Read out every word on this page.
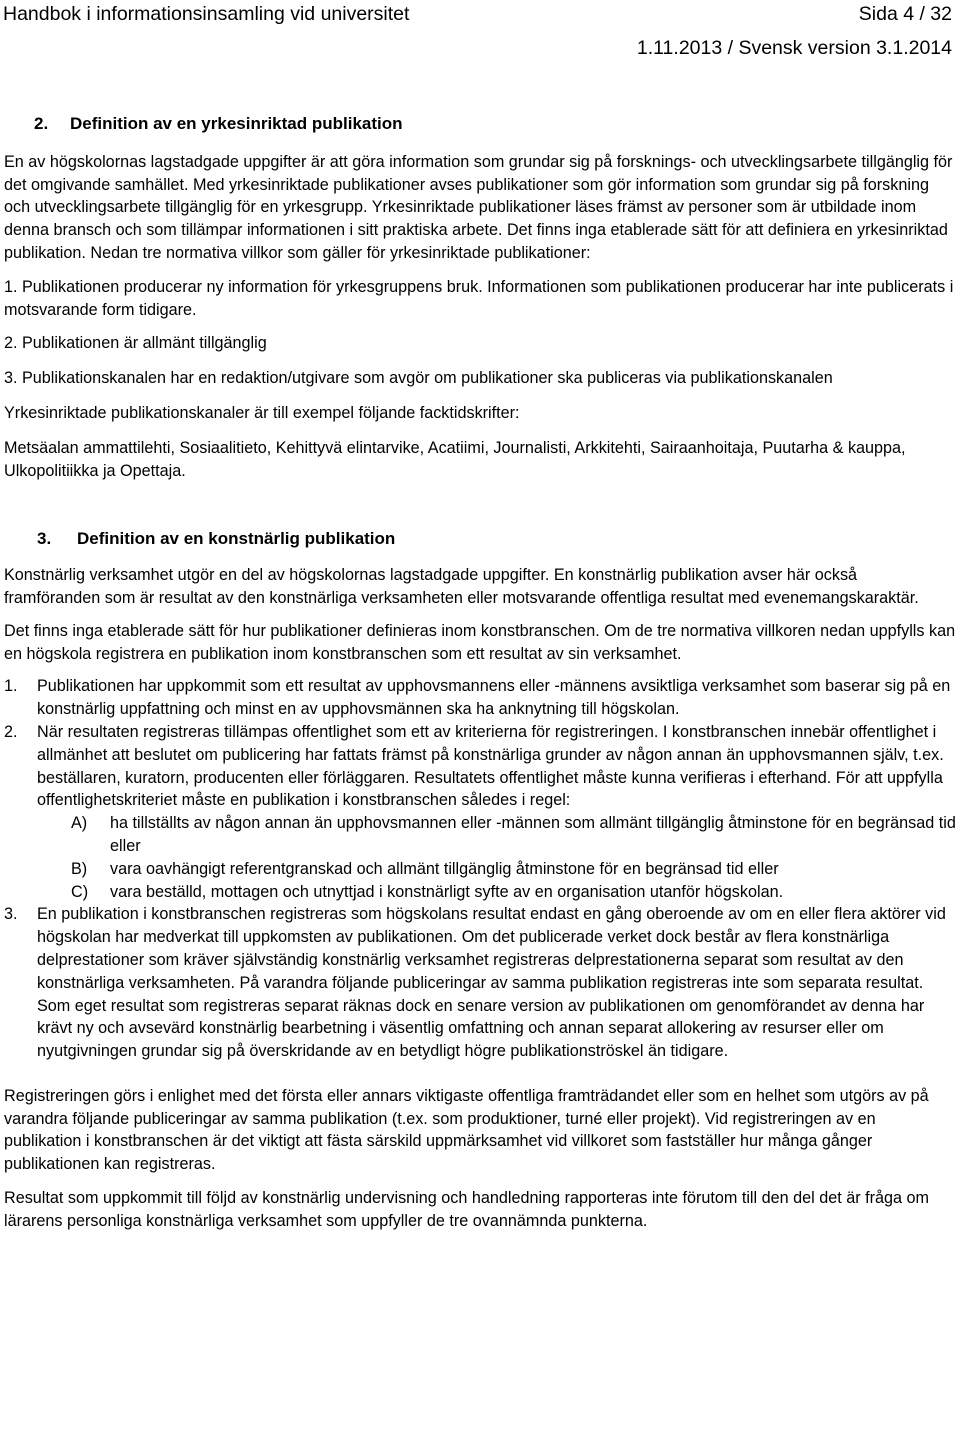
Handbok i informationsinsamling vid universitet	Sida 4 / 32
1.11.2013 / Svensk version 3.1.2014

2. Definition av en yrkesinriktad publikation

En av högskolornas lagstadgade uppgifter är att göra information som grundar sig på forsknings- och utvecklingsarbete tillgänglig för det omgivande samhället. Med yrkesinriktade publikationer avses publikationer som gör information som grundar sig på forskning och utvecklingsarbete tillgänglig för en yrkesgrupp. Yrkesinriktade publikationer läses främst av personer som är utbildade inom denna bransch och som tillämpar informationen i sitt praktiska arbete. Det finns inga etablerade sätt för att definiera en yrkesinriktad publikation. Nedan tre normativa villkor som gäller för yrkesinriktade publikationer:

1. Publikationen producerar ny information för yrkesgruppens bruk. Informationen som publikationen producerar har inte publicerats i motsvarande form tidigare.

2. Publikationen är allmänt tillgänglig

3. Publikationskanalen har en redaktion/utgivare som avgör om publikationer ska publiceras via publikationskanalen

Yrkesinriktade publikationskanaler är till exempel följande facktidskrifter:

Metsäalan ammattilehti, Sosiaalitieto, Kehittyvä elintarvike, Acatiimi, Journalisti, Arkkitehti, Sairaanhoitaja, Puutarha & kauppa, Ulkopolitiikka ja Opettaja.

3. Definition av en konstnärlig publikation

Konstnärlig verksamhet utgör en del av högskolornas lagstadgade uppgifter. En konstnärlig publikation avser här också framföranden som är resultat av den konstnärliga verksamheten eller motsvarande offentliga resultat med evenemangskaraktär.

Det finns inga etablerade sätt för hur publikationer definieras inom konstbranschen. Om de tre normativa villkoren nedan uppfylls kan en högskola registrera en publikation inom konstbranschen som ett resultat av sin verksamhet.

1.	Publikationen har uppkommit som ett resultat av upphovsmannens eller -männens avsiktliga verksamhet som baserar sig på en konstnärlig uppfattning och minst en av upphovsmännen ska ha anknytning till högskolan.
2.	När resultaten registreras tillämpas offentlighet som ett av kriterierna för registreringen. I konstbranschen innebär offentlighet i allmänhet att beslutet om publicering har fattats främst på konstnärliga grunder av någon annan än upphovsmannen själv, t.ex. beställaren, kuratorn, producenten eller förläggaren. Resultatets offentlighet måste kunna verifieras i efterhand. För att uppfylla offentlighetskriteriet måste en publikation i konstbranschen således i regel:
A)	ha tillställts av någon annan än upphovsmannen eller -männen som allmänt tillgänglig åtminstone för en begränsad tid eller
B)	vara oavhängigt referentgranskad och allmänt tillgänglig åtminstone för en begränsad tid eller
C)	vara beställd, mottagen och utnyttjad i konstnärligt syfte av en organisation utanför högskolan.
3.	En publikation i konstbranschen registreras som högskolans resultat endast en gång oberoende av om en eller flera aktörer vid högskolan har medverkat till uppkomsten av publikationen. Om det publicerade verket dock består av flera konstnärliga delprestationer som kräver självständig konstnärlig verksamhet registreras delprestationerna separat som resultat av den konstnärliga verksamheten. På varandra följande publiceringar av samma publikation registreras inte som separata resultat. Som eget resultat som registreras separat räknas dock en senare version av publikationen om genomförandet av denna har krävt ny och avsevärd konstnärlig bearbetning i väsentlig omfattning och annan separat allokering av resurser eller om nyutgivningen grundar sig på överskridande av en betydligt högre publikationströskel än tidigare.

Registreringen görs i enlighet med det första eller annars viktigaste offentliga framträdandet eller som en helhet som utgörs av på varandra följande publiceringar av samma publikation (t.ex. som produktioner, turné eller projekt). Vid registreringen av en publikation i konstbranschen är det viktigt att fästa särskild uppmärksamhet vid villkoret som fastställer hur många gånger publikationen kan registreras.

Resultat som uppkommit till följd av konstnärlig undervisning och handledning rapporteras inte förutom till den del det är fråga om lärarens personliga konstnärliga verksamhet som uppfyller de tre ovannämnda punkterna.
